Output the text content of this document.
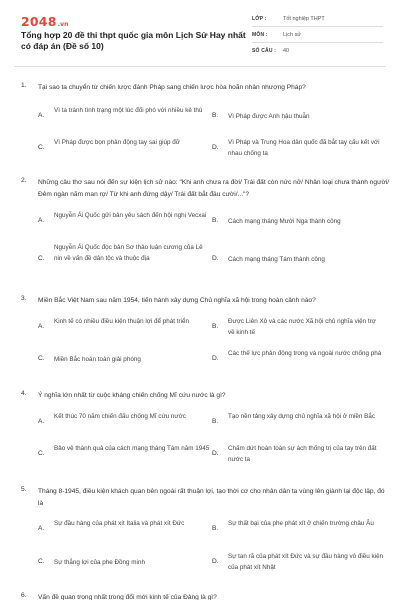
2048.vn
Tổng hợp 20 đề thi thpt quốc gia môn Lịch Sử Hay nhất có đáp án (Đề số 10)
LỚP :	Tốt nghiệp THPT
MÔN :	Lịch sử
SỐ CÂU :	40
1. Tại sao ta chuyển từ chiến lược đánh Pháp sang chiến lược hòa hoãn nhân nhượng Pháp?
A.
Vì ta tránh tình trạng một lúc đối phó với nhiều kẻ thù
B. Vì Pháp được Anh hậu thuẫn
C.
Vì Pháp được bọn phản động tay sai giúp đỡ
D.
Vì Pháp và Trung Hoa dân quốc đã bắt tay cấu kết với nhau chống ta
2. Những câu thơ sau nói đến sự kiện lịch sử nào: "Khi anh chưa ra đời/ Trái đất còn nức nở/ Nhân loại chưa thành người/ Đêm ngàn năm man rợ/ Từ khi anh đứng dậy/ Trái đất bắt đầu cười/..."?
A.
Nguyễn Ái Quốc gửi bản yêu sách đến hội nghị Vecxai
B. Cách mạng tháng Mười Nga thành công
C.
Nguyễn Ái Quốc đọc bản Sơ thảo luận cương của Lê nin về vấn đề dân tộc và thuộc địa	D. Cách mạng tháng Tám thành công
3. Miền Bắc Việt Nam sau năm 1954, tiến hành xây dựng Chủ nghĩa xã hội trong hoàn cảnh nào?
A.
Kinh tế có nhiều điều kiện thuận lợi để phát triển
B.
Được Liên Xô và các nước Xã hội chủ nghĩa viện trợ về kinh tế
C. Miền Bắc hoàn toàn giải phóng	D.
Các thế lực phản động trong và ngoài nước chống phá
4. Ý nghĩa lớn nhất từ cuộc kháng chiến chống Mĩ cứu nước là gì?
A.
Kết thúc 70 năm chiến đấu chống Mĩ cứu nước
B.
Tạo nền tảng xây dựng chủ nghĩa xã hội ở miền Bắc
C.
Bảo vệ thành quả của cách mạng tháng Tám năm 1945
D.
Chấm dứt hoàn toàn sự ách thống trị của tay trên đất nước ta
5. Tháng 8-1945, điều kiện khách quan bên ngoài rất thuận lợi, tạo thời cơ cho nhân dân ta vùng lên giành lại độc lập, đó là
A.
Sự đầu hàng của phát xít Italia và phát xít Đức
B.
Sự thất bại của phe phát xít ở chiến trường châu Âu
C. Sự thắng lợi của phe Đồng minh	D.
Sự tan rã của phát xít Đức và sự đầu hàng vô điều kiện của phát xít Nhật
6. Vấn đề quan trọng nhất trong đổi mới kinh tế của Đảng là gì?
